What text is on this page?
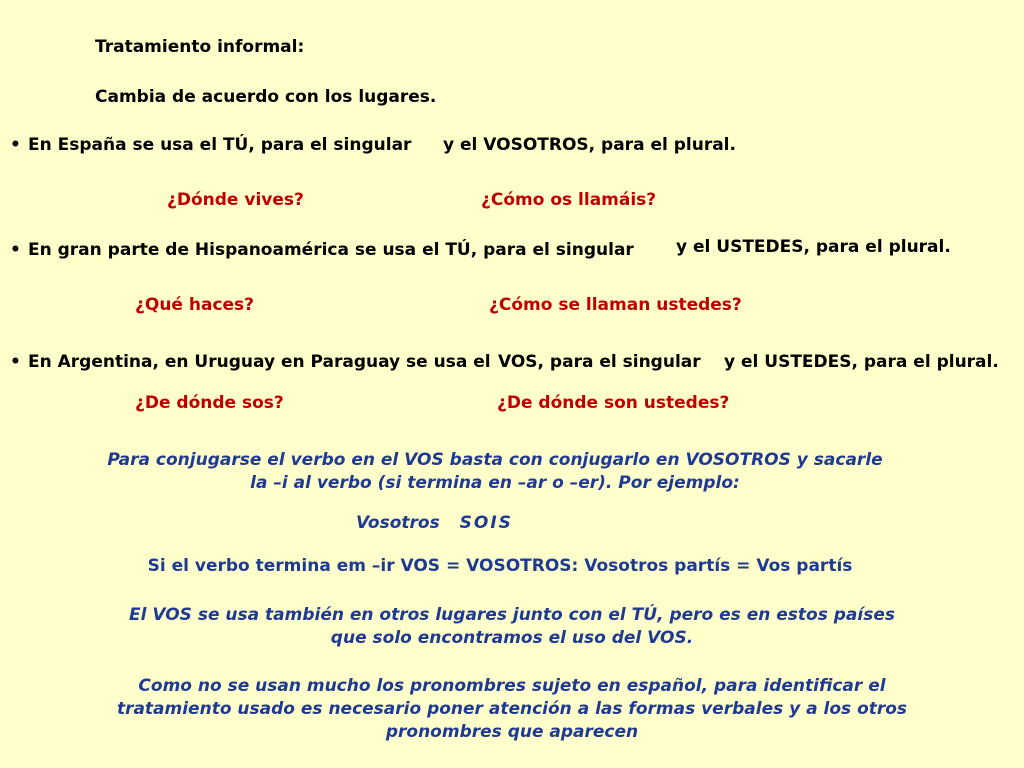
Tratamiento informal:
Cambia de acuerdo con los lugares.
• En España se usa el TÚ, para el singular y el VOSOTROS, para el plural.
¿Dónde vives?	¿Cómo os llamáis?
• En gran parte de Hispanoamérica se usa el TÚ, para el singular y el USTEDES, para el plural.
¿Qué haces?	¿Cómo se llaman ustedes?
• En Argentina, en Uruguay en Paraguay se usa el VOS, para el singular y el USTEDES, para el plural.
¿De dónde sos?	¿De dónde son ustedes?
Para conjugarse el verbo en el VOS basta con conjugarlo en VOSOTROS y sacarle
la –i al verbo (si termina en –ar o –er). Por ejemplo:
Vosotros SOIS
Si el verbo termina em –ir VOS = VOSOTROS: Vosotros partís = Vos partís
El VOS se usa también en otros lugares junto con el TÚ, pero es en estos países
que solo encontramos el uso del VOS.
Como no se usan mucho los pronombres sujeto en español, para identificar el
tratamiento usado es necesario poner atención a las formas verbales y a los otros
pronombres que aparecen
